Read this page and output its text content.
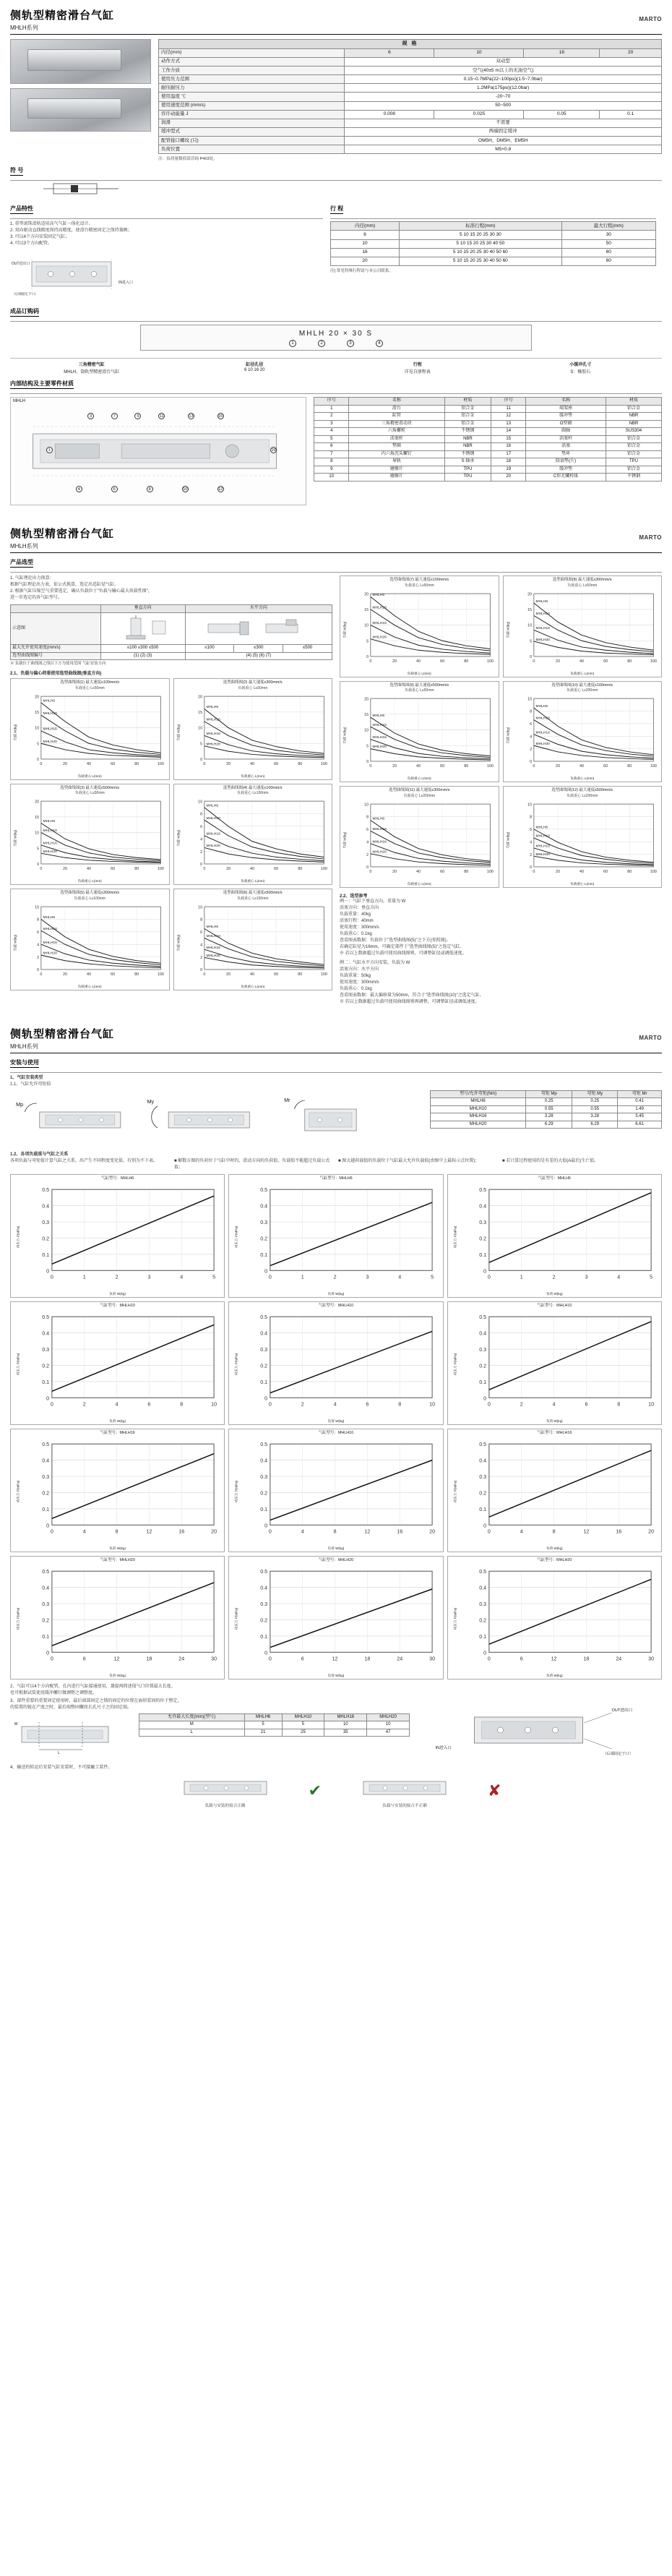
侧轨型精密滑台气缸	MARTO
MHLH系列
规 格				
内径(mm)	6	10	16	20
动作方式	双动型			
工作介质	空气(40±5 m以上的无油空气)			
使用压力范围	0.15~0.7MPa(22~100psi)(1.5~7.0bar)			
耐压耐压力	1.2MPa(175psi)(12.0bar)			
使用温度 ℃	-20~70			
使用速度范围 (mm/s)	50~500			
容许动能量 J	0.008	0.025	0.05	0.1
润滑	不需要			
缓冲型式	两端固定缓冲			
配管接口螺纹 (只)	OM5H、DM5H、EM5H			
负荷位置	M5×0.8			
注：负荷量数值请洽询 P403处。
符 号
产品特性
1. 重型滚珠滑轨适用高气气缸一体化设计。
2. 双向驱动直线精度保持高精度，使滑台精密固定之保持兼顾；
3. 可以4个方向安装固定气缸；
4. 可以3个方向配管。
OUT进出口
IN进入口
（后端固定于口）
行 程
内径(mm)	标准行程(mm)	最大行程(mm)
6	5 10 15 20 25 30 30	30
10	5 10 15 20 25 30 40 50	50
16	5 10 15 20 25 30 40 50 60	60
20	5 10 15 20 25 30 40 50 60	60
注] 常见特殊行程请与本公司联系。
成品订购码
MHLH 20 × 30 S
1	2	3	4
三角精密气缸
MHLH、筒轨型精密滑台气缸
缸径孔径
6 10 16 20
行程
详见自册程表
小缓冲孔寸
S：橡胶石
内部结构及主要零件材质
MHLH
3	7	9	11	13	15
1	20
4	6	8	10	12
序号	名称	材质	序号	名称	材质
1	滑台	铝合金	11	端架座	铝合金
2	缸管	铝合金	12	缓冲垫	NBR
3	三角精密滑动块	铝合金	13	O型圈	NBR
4	六角螺栓	不锈钢	14	圆轴	SUS304
5	活塞杆	NBR	15	活塞杆	铝合金
6	垫圈	NBR	16	活塞	铝合金
7	内六角沉头螺钉	不锈钢	17	垫环	铝合金
8	导轨	S 轴承	18	防油垫(片)	TPU
9	磨擦片	TPU	19	缓冲垫	铝合金
10	磨擦片	TPU	20	C形无螺栓体	不锈钢
侧轨型精密滑台气缸	MARTO
MHLH系列
产品选型
1. 气缸理论出力换算：
根据气缸理论出力表，依公式换算，选定出适缸径气缸。
2. 根据气缸压缩空气重要选定，确认负载位于"负载与输心最大荷载性图"，
进一步选定的各气缸型号。
	垂直方向	水平方向		
示意图		
最大允许使用速度(mm/s)	≤100 ≤300 ≤500	≤100	≤300	≤500
选型曲线图编号	(1) (2) (3)	(4) (5) (6) (7)		
※ 负载位于曲线图之线以下方为使用范围 气缸安装方向
2.1、负载与偏心荷重使用选型曲线图(垂直方向)
选型曲线图(1) 最大速度≤100mm/s
负载重心 L≤50mm
负载 W(kg)
0
5
10
15
20
0	20	40	60	80	100
MHLH6
MHLH10
MHLH16
MHLH20
负载重心 L(mm)
选型曲线图(2) 最大速度≤300mm/s
负载重心 L≤50mm
负载 W(kg)
0
5
10
15
20
0	20	40	60	80	100
MHLH6
MHLH10
MHLH16
MHLH20
负载重心 L(mm)
选型曲线图(3) 最大速度≤500mm/s
负载重心 L≤50mm
负载 W(kg)
0
5
10
15
20
0	20	40	60	80	100
MHLH6
MHLH10
MHLH16
MHLH20
负载重心 L(mm)
选型曲线图(4) 最大速度≤100mm/s
负载重心 L≤100mm
负载 W(kg)
0
2
4
6
8
10
0	20	40	60	80	100
MHLH6
MHLH10
MHLH16
MHLH20
负载重心 L(mm)
选型曲线图(5) 最大速度≤300mm/s
负载重心 L≤100mm
负载 W(kg)
0
2
4
6
8
10
0	20	40	60	80	100
MHLH6
MHLH10
MHLH16
MHLH20
负载重心 L(mm)
选型曲线图(6) 最大速度≤500mm/s
负载重心 L≤100mm
负载 W(kg)
0
2
4
6
8
10
0	20	40	60	80	100
MHLH6
MHLH10
MHLH16
MHLH20
负载重心 L(mm)
选型曲线图(7) 最大速度≤100mm/s
负载重心 L≤50mm
负载 W(kg)
0
5
10
15
20
0	20	40	60	80	100
MHLH6
MHLH10
MHLH16
MHLH20
负载重心 L(mm)
选型曲线图(8) 最大速度≤300mm/s
负载重心 L≤50mm
负载 W(kg)
0
5
10
15
20
0	20	40	60	80	100
MHLH6
MHLH10
MHLH16
MHLH20
负载重心 L(mm)
选型曲线图(9) 最大速度≤500mm/s
负载重心 L≤50mm
负载 W(kg)
0
5
10
15
20
0	20	40	60	80	100
MHLH6
MHLH10
MHLH16
MHLH20
负载重心 L(mm)
选型曲线图(10) 最大速度≤100mm/s
负载重心 L≤200mm
负载 W(kg)
0
2
4
6
8
10
0	20	40	60	80	100
MHLH6
MHLH10
MHLH16
MHLH20
负载重心 L(mm)
选型曲线图(11) 最大速度≤300mm/s
负载重心 L≤200mm
负载 W(kg)
0
2
4
6
8
10
0	20	40	60	80	100
MHLH6
MHLH10
MHLH16
MHLH20
负载重心 L(mm)
选型曲线图(12) 最大速度≤500mm/s
负载重心 L≤200mm
负载 W(kg)
0
2
4
6
8
10
0	20	40	60	80	100
MHLH6
MHLH10
MHLH16
MHLH20
负载重心 L(mm)
2.2、选型参考
例一：气缸下垂直方向，重量为 W
活塞方向：垂直方向
负载重量：40kg
活塞行程：40mm
使用速度：300mm/s
负载重心：0.1kg
查看图表数据：负载位于"选型曲线图(5)"之下方(参照图)。
若确定缸径为16mm，可确定部件于"选型曲线图(5)"之选定气缸。
※ 若以上数据超过负载可使用曲线图则，可调整缸径或调低速度。
例二：气缸水平方向安装，负载为 W
活塞方向：水平方向
负载重量：50kg
使用速度：300mm/s
负载重心：0.1kg
查看图表数据：最大偏移量为50mm，符合于"选型曲线图(10)"之选定气缸。
※ 若以上数据超过负载可使用曲线图则再调整，可调整缸径或调低速度。
侧轨型精密滑台气缸	MARTO
MHLH系列
安装与使用
1、气缸安装类型
1.1、气缸允许弯矩值
Mp
My	Mr
型号/允许弯矩(Nm)	弯矩 Mp	弯矩 My	弯矩 Mr
MHLH6	0.25	0.25	0.41
MHLH10	0.55	0.55	1.49
MHLH16	3.28	3.28	3.45
MHLH20	6.29	6.29	6.61
1.2、各项负载重与气缸之关系
各项负载与弯矩值计算气缸之关系，出产生不同程度变化值，有别为不下表。	■ 解数方图的负荷位于气缸中时的，滑动方向的负荷值，负载值不能超过负载公式值；
■ 图大越荷载值的负载位于气缸最大允许负载值(由图中上最标示点位置)；	■ 若计算过程使用的是有差的大值(A最后)生亡值。
气缸型号：MHLH6
动压力 P(MPa)
0
0.1
0.2
0.3
0.4
0.5
0	1	2	3	4	5
负荷 W(kg)
气缸型号：MHLH6
动压力 P(MPa)
0
0.1
0.2
0.3
0.4
0.5
0	1	2	3	4	5
负荷 W(kg)
气缸型号：MHLH6
动压力 P(MPa)
0
0.1
0.2
0.3
0.4
0.5
0	1	2	3	4	5
负荷 W(kg)
气缸型号：MHLH10
动压力 P(MPa)
0
0.1
0.2
0.3
0.4
0.5
0	2	4	6	8	10
负荷 W(kg)
气缸型号：MHLH10
动压力 P(MPa)
0
0.1
0.2
0.3
0.4
0.5
0	2	4	6	8	10
负荷 W(kg)
气缸型号：MHLH10
动压力 P(MPa)
0
0.1
0.2
0.3
0.4
0.5
0	2	4	6	8	10
负荷 W(kg)
气缸型号：MHLH16
动压力 P(MPa)
0
0.1
0.2
0.3
0.4
0.5
0	4	8	12	16	20
负荷 W(kg)
气缸型号：MHLH16
动压力 P(MPa)
0
0.1
0.2
0.3
0.4
0.5
0	4	8	12	16	20
负荷 W(kg)
气缸型号：MHLH16
动压力 P(MPa)
0
0.1
0.2
0.3
0.4
0.5
0	4	8	12	16	20
负荷 W(kg)
气缸型号：MHLH20
动压力 P(MPa)
0
0.1
0.2
0.3
0.4
0.5
0	6	12	18	24	30
负荷 W(kg)
气缸型号：MHLH20
动压力 P(MPa)
0
0.1
0.2
0.3
0.4
0.5
0	6	12	18	24	30
负荷 W(kg)
气缸型号：MHLH20
动压力 P(MPa)
0
0.1
0.2
0.3
0.4
0.5
0	6	12	18	24	30
负荷 W(kg)
2、气缸可以4个方向配管，孔内进行气缸接通使用，兼提再简述值气口位置最大长度。
也可根据试装使用缓冲螺钉做调整之调整度。
3、部件重要的重要固定使用时，最后端部固定之锁的固定的位置在面形装固的位于整定，
的装置的链在产度之时，最后端整固螺丝长孔尺寸之的固定端。
L
M
允许最大长度(mm)(型号)	MHLH6	MHLH10	MHLH16	MHLH20
M	5	5	10	10
L	21	25	35	47
OUT进出口
（后端固定于口）
IN进入口
4、输送的转运后安装气缸安装时，不可接触工装件。
负载与安装的接合正确
✔
负载与安装的接合不正确
✘
